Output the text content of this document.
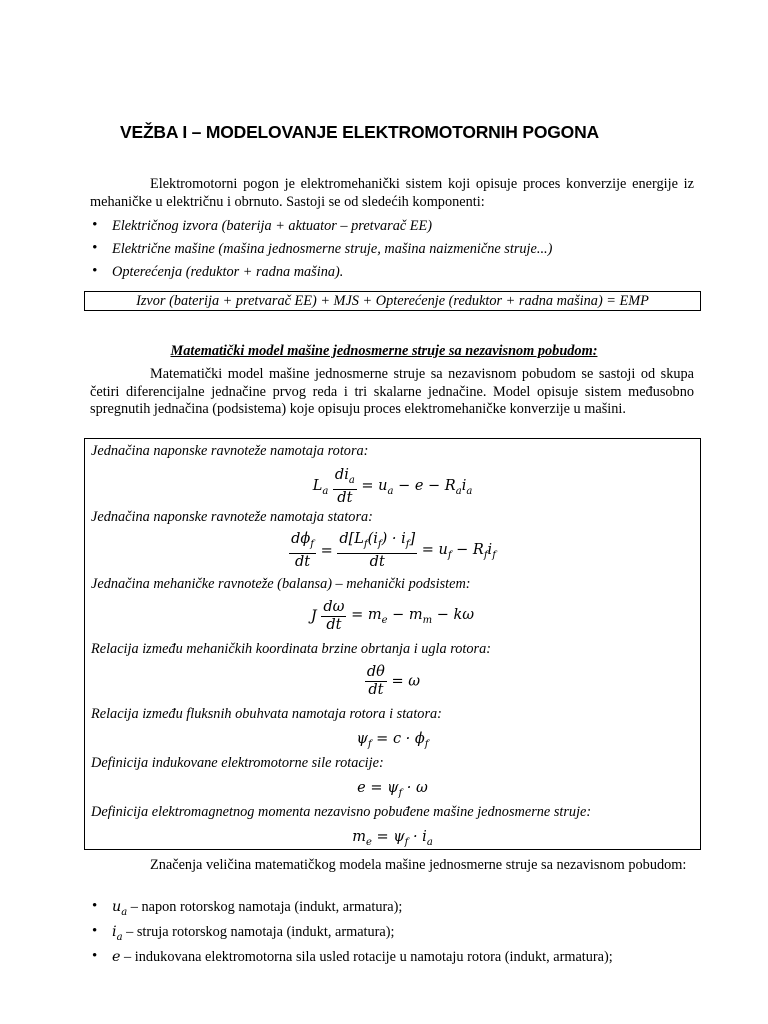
VEŽBA I – MODELOVANJE ELEKTROMOTORNIH POGONA
Elektromotorni pogon je elektromehanički sistem koji opisuje proces konverzije energije iz mehaničke u električnu i obrnuto. Sastoji se od sledećih komponenti:
• Električnog izvora (baterija + aktuator – pretvarač EE)
• Električne mašine (mašina jednosmerne struje, mašina naizmenične struje...)
• Opterećenja (reduktor + radna mašina).
Izvor (baterija + pretvarač EE) + MJS + Opterećenje (reduktor + radna mašina) = EMP
Matematički model mašine jednosmerne struje sa nezavisnom pobudom:
Matematički model mašine jednosmerne struje sa nezavisnom pobudom se sastoji od skupa četiri diferencijalne jednačine prvog reda i tri skalarne jednačine. Model opisuje sistem međusobno spregnutih jednačina (podsistema) koje opisuju proces elektromehaničke konverzije u mašini.
Jednačina naponske ravnoteže namotaja rotora:
$L_a \frac{di_a}{dt} = u_a - e - R_ai_a$
Jednačina naponske ravnoteže namotaja statora:
$\frac{d\phi_f}{dt} = \frac{d[L_f(i_f) \cdot i_f]}{dt} = u_f - R_fi_f$
Jednačina mehaničke ravnoteže (balansa) – mehanički podsistem:
J $\frac{d\omega}{dt} = m_e - m_m - k\omega$
Relacija između mehaničkih koordinata brzine obrtanja i ugla rotora:
$\frac{d\theta}{dt} = \omega$
Relacija između fluksnih obuhvata namotaja rotora i statora:
$\psi_f = c \cdot \phi_f$
Definicija indukovane elektromotorne sile rotacije:
$e = \psi_f \cdot \omega$
Definicija elektromagnetnog momenta nezavisno pobuđene mašine jednosmerne struje:
$m_e = \psi_f \cdot i_a$
Značenja veličina matematičkog modela mašine jednosmerne struje sa nezavisnom pobudom:
• $u_a$ – napon rotorskog namotaja (indukt, armatura);
• $i_a$ – struja rotorskog namotaja (indukt, armatura);
• e – indukovana elektromotorna sila usled rotacije u namotaju rotora (indukt, armatura);
